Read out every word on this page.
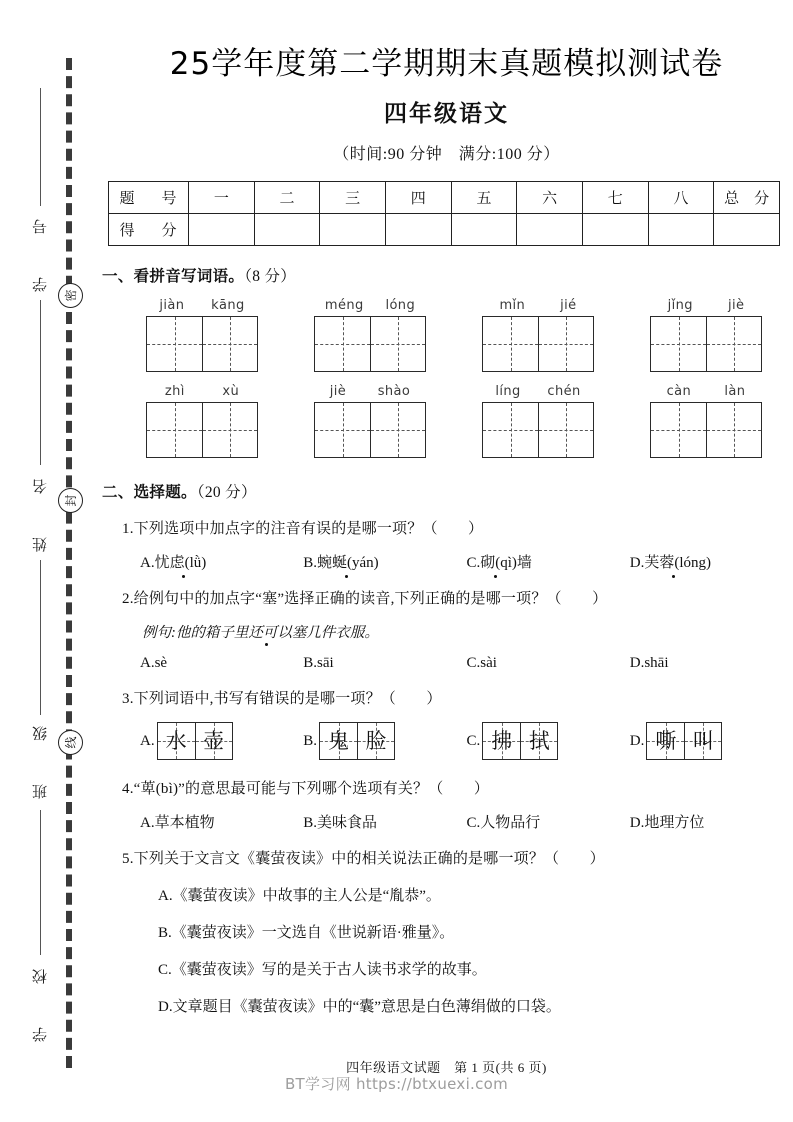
学　号
姓　名
班　级
学　校
密
封
线
25学年度第二学期期末真题模拟测试卷
四年级语文
（时间:90 分钟　满分:100 分）
题　号	一	二	三	四	五	六	七	八	总　分
得　分									
一、看拼音写词语。（8 分）
jiàn kāng	méng lóng	mǐn	jié	jǐng	jiè
zhì	xù	jiè shào	líng chén	càn	làn
二、选择题。（20 分）
1.下列选项中加点字的注音有误的是哪一项？（　　）
A.忧虑(lǜ)	B.蜿蜒(yán)	C.砌(qì)墙	D.芙蓉(lóng)
2.给例句中的加点字“塞”选择正确的读音,下列正确的是哪一项？（　　）
例句:他的箱子里还可以塞几件衣服。
A.sè	B.sāi	C.sài	D.shāi
3.下列词语中,书写有错误的是哪一项？（　　）
A. 水 壶	B. 鬼 脸	C. 拂 拭	D. 嘶 叫
4.“萆(bì)”的意思最可能与下列哪个选项有关？（　　）
A.草本植物	B.美味食品	C.人物品行	D.地理方位
5.下列关于文言文《囊萤夜读》中的相关说法正确的是哪一项？（　　）
A.《囊萤夜读》中故事的主人公是“胤恭”。
B.《囊萤夜读》一文选自《世说新语·雅量》。
C.《囊萤夜读》写的是关于古人读书求学的故事。
D.文章题目《囊萤夜读》中的“囊”意思是白色薄绢做的口袋。
四年级语文试题　第 1 页(共 6 页)
BT学习网 https://btxuexi.com
